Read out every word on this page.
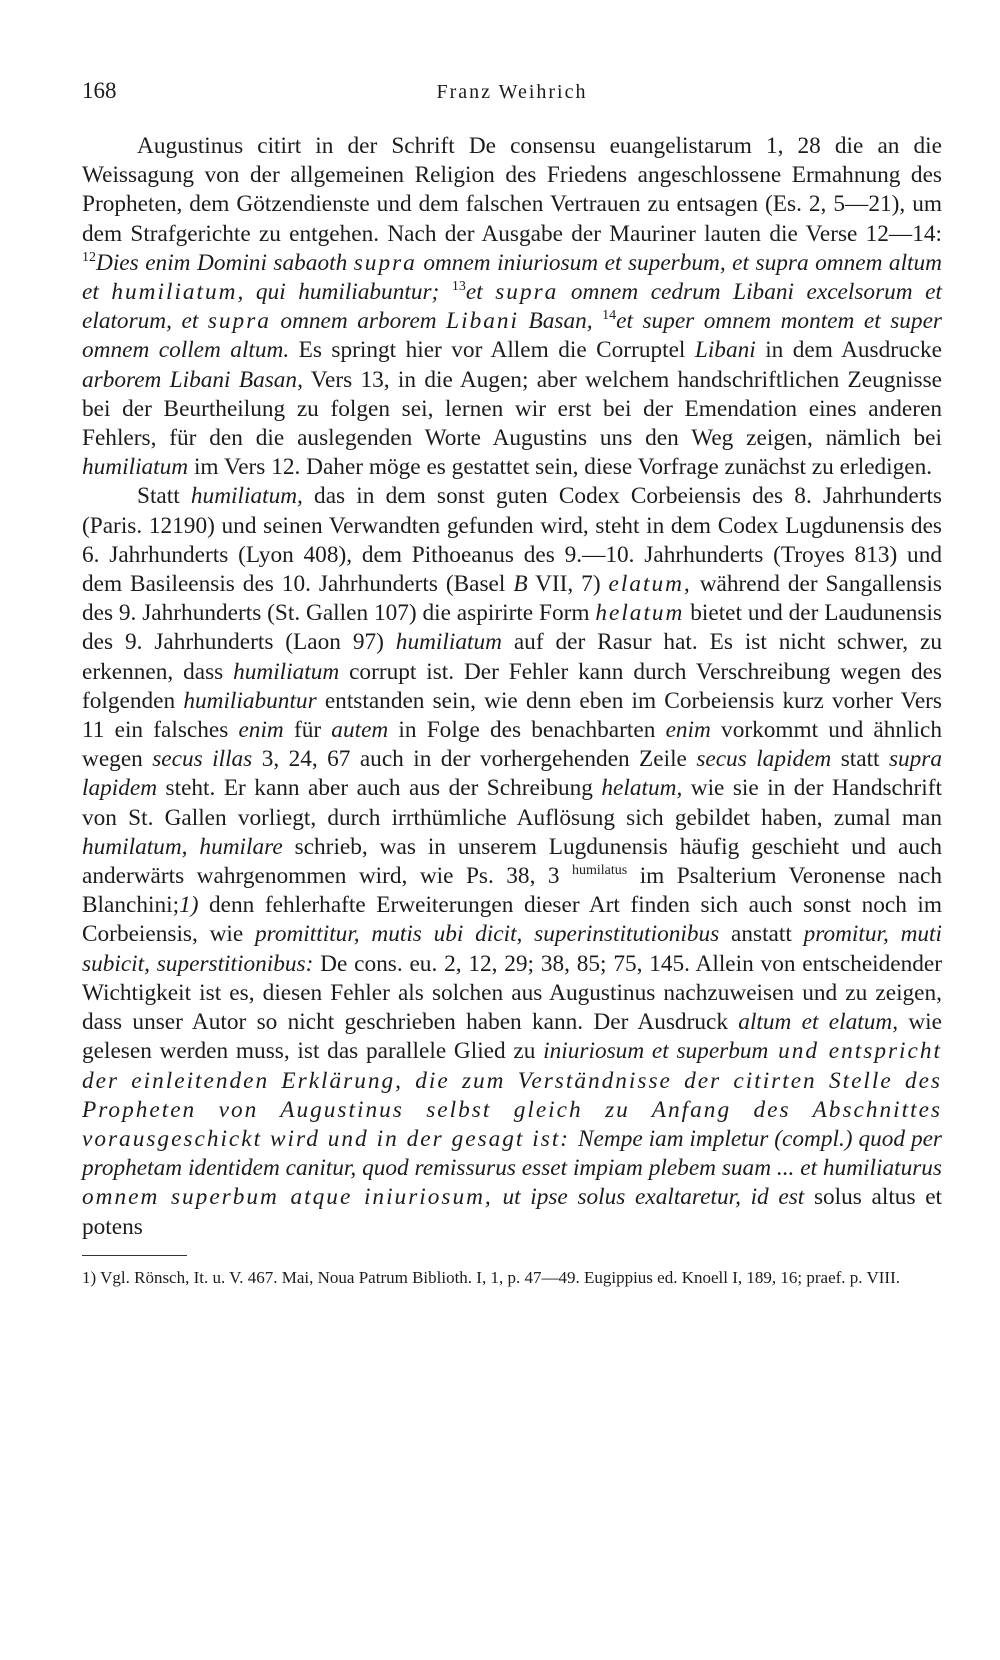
168	Franz Weihrich

Augustinus citirt in der Schrift De consensu euangelistarum 1, 28 die an die Weissagung von der allgemeinen Religion des Friedens angeschlossene Ermahnung des Propheten, dem Götzendienste und dem falschen Vertrauen zu entsagen (Es. 2, 5—21), um dem Strafgerichte zu entgehen. Nach der Ausgabe der Mauriner lauten die Verse 12—14: $^{12}$Dies enim Domini sabaoth supra omnem iniuriosum et superbum, et supra omnem altum et humiliatum, qui humiliabuntur; $^{13}$et supra omnem cedrum Libani excelsorum et elatorum, et supra omnem arborem Libani Basan, $^{14}$et super omnem montem et super omnem collem altum. Es springt hier vor Allem die Corruptel Libani in dem Ausdrucke arborem Libani Basan, Vers 13, in die Augen; aber welchem handschriftlichen Zeugnisse bei der Beurtheilung zu folgen sei, lernen wir erst bei der Emendation eines anderen Fehlers, für den die auslegenden Worte Augustins uns den Weg zeigen, nämlich bei humiliatum im Vers 12. Daher möge es gestattet sein, diese Vorfrage zunächst zu erledigen.

Statt humiliatum, das in dem sonst guten Codex Corbeiensis des 8. Jahrhunderts (Paris. 12190) und seinen Verwandten gefunden wird, steht in dem Codex Lugdunensis des 6. Jahrhunderts (Lyon 408), dem Pithoeanus des 9.—10. Jahrhunderts (Troyes 813) und dem Basileensis des 10. Jahrhunderts (Basel B VII, 7) elatum, während der Sangallensis des 9. Jahrhunderts (St. Gallen 107) die aspirirte Form helatum bietet und der Laudunensis des 9. Jahrhunderts (Laon 97) humiliatum auf der Rasur hat. Es ist nicht schwer, zu erkennen, dass humiliatum corrupt ist. Der Fehler kann durch Verschreibung wegen des folgenden humiliabuntur entstanden sein, wie denn eben im Corbeiensis kurz vorher Vers 11 ein falsches enim für autem in Folge des benachbarten enim vorkommt und ähnlich wegen secus illas 3, 24, 67 auch in der vorhergehenden Zeile secus lapidem statt supra lapidem steht. Er kann aber auch aus der Schreibung helatum, wie sie in der Handschrift von St. Gallen vorliegt, durch irrthümliche Auflösung sich gebildet haben, zumal man humilatum, humilare schrieb, was in unserem Lugdunensis häufig geschieht und auch anderwärts wahrgenommen wird, wie Ps. 38, 3 $^{humilatus}$ im Psalterium Veronense nach Blanchini;1) denn fehlerhafte Erweiterungen dieser Art finden sich auch sonst noch im Corbeiensis, wie promittitur, mutis ubi dicit, superinstitutionibus anstatt promitur, muti subicit, superstitionibus: De cons. eu. 2, 12, 29; 38, 85; 75, 145. Allein von entscheidender Wichtigkeit ist es, diesen Fehler als solchen aus Augustinus nachzuweisen und zu zeigen, dass unser Autor so nicht geschrieben haben kann. Der Ausdruck altum et elatum, wie gelesen werden muss, ist das parallele Glied zu iniuriosum et superbum und entspricht der einleitenden Erklärung, die zum Verständnisse der citirten Stelle des Propheten von Augustinus selbst gleich zu Anfang des Abschnittes vorausgeschickt wird und in der gesagt ist: Nempe iam impletur (compl.) quod per prophetam identidem canitur, quod remissurus esset impiam plebem suam ... et humiliaturus omnem superbum atque iniuriosum, ut ipse solus exaltaretur, id est solus altus et potens

1) Vgl. Rönsch, It. u. V. 467. Mai, Noua Patrum Biblioth. I, 1, p. 47—49. Eugippius ed. Knoell I, 189, 16; praef. p. VIII.
